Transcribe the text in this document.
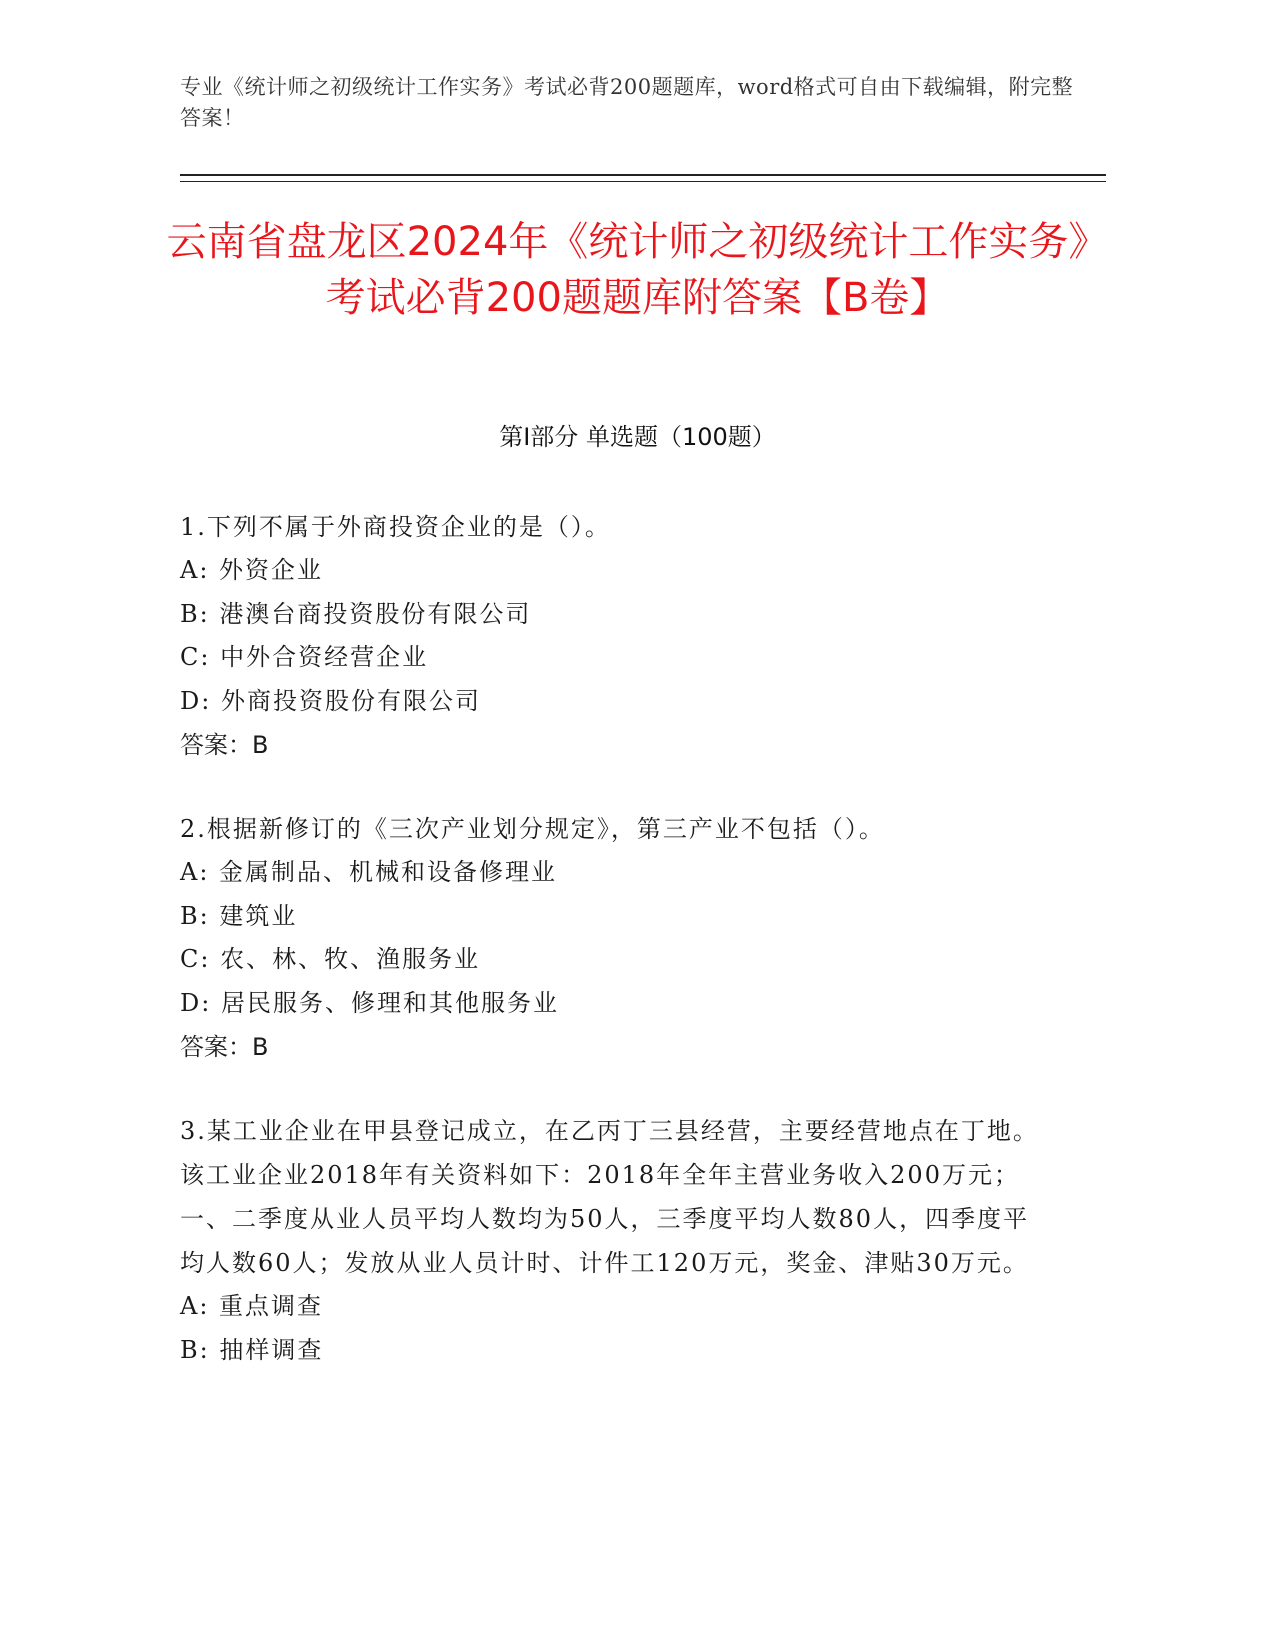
专业《统计师之初级统计工作实务》考试必背200题题库，word格式可自由下载编辑，附完整答案！
云南省盘龙区2024年《统计师之初级统计工作实务》考试必背200题题库附答案【B卷】
第I部分 单选题（100题）

1.下列不属于外商投资企业的是（）。

A: 外资企业

B: 港澳台商投资股份有限公司

C: 中外合资经营企业

D: 外商投资股份有限公司

答案：B

2.根据新修订的《三次产业划分规定》，第三产业不包括（）。

A: 金属制品、机械和设备修理业

B: 建筑业

C: 农、林、牧、渔服务业

D: 居民服务、修理和其他服务业

答案：B

3.某工业企业在甲县登记成立，在乙丙丁三县经营，主要经营地点在丁地。该工业企业2018年有关资料如下：2018年全年主营业务收入200万元；一、二季度从业人员平均人数均为50人，三季度平均人数80人，四季度平均人数60人；发放从业人员计时、计件工120万元，奖金、津贴30万元。

A: 重点调查

B: 抽样调查
